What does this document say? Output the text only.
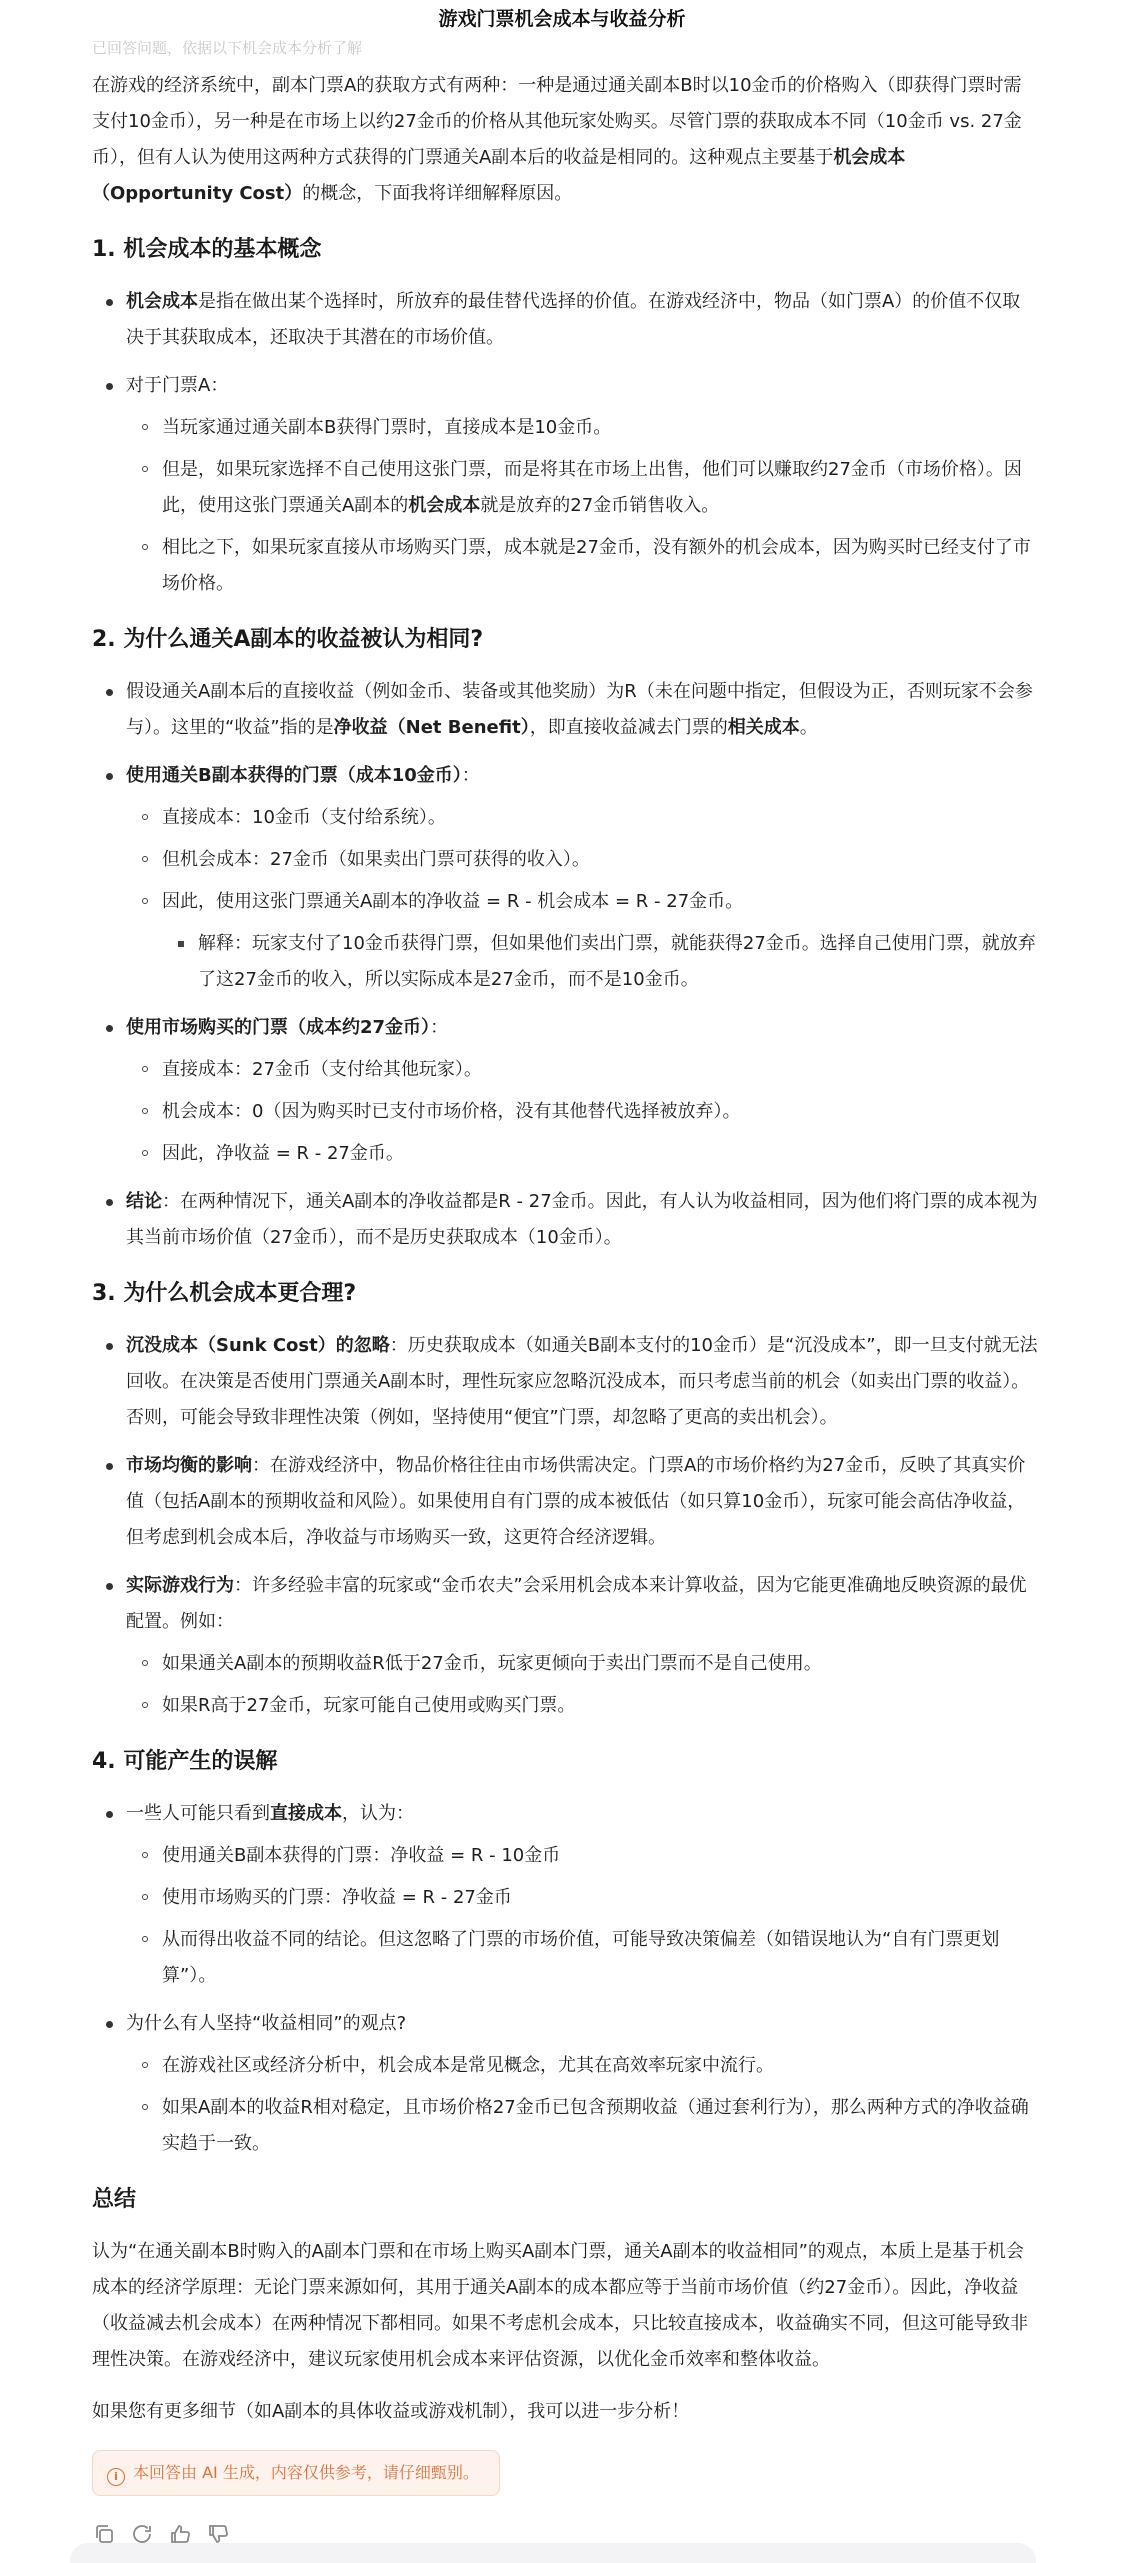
游戏门票机会成本与收益分析
已回答问题，依据以下机会成本分析了解

在游戏的经济系统中，副本门票A的获取方式有两种：一种是通过通关副本B时以10金币的价格购入（即获得门票时需支付10金币），另一种是在市场上以约27金币的价格从其他玩家处购买。尽管门票的获取成本不同（10金币 vs. 27金币），但有人认为使用这两种方式获得的门票通关A副本后的收益是相同的。这种观点主要基于机会成本（Opportunity Cost）的概念，下面我将详细解释原因。

1. 机会成本的基本概念
机会成本是指在做出某个选择时，所放弃的最佳替代选择的价值。在游戏经济中，物品（如门票A）的价值不仅取决于其获取成本，还取决于其潜在的市场价值。
对于门票A：
当玩家通过通关副本B获得门票时，直接成本是10金币。
但是，如果玩家选择不自己使用这张门票，而是将其在市场上出售，他们可以赚取约27金币（市场价格）。因此，使用这张门票通关A副本的机会成本就是放弃的27金币销售收入。
相比之下，如果玩家直接从市场购买门票，成本就是27金币，没有额外的机会成本，因为购买时已经支付了市场价格。
2. 为什么通关A副本的收益被认为相同?
假设通关A副本后的直接收益（例如金币、装备或其他奖励）为R（未在问题中指定，但假设为正，否则玩家不会参与）。这里的“收益”指的是净收益（Net Benefit），即直接收益减去门票的相关成本。
使用通关B副本获得的门票（成本10金币）：
直接成本：10金币（支付给系统）。
但机会成本：27金币（如果卖出门票可获得的收入）。
因此，使用这张门票通关A副本的净收益 = R - 机会成本 = R - 27金币。
解释：玩家支付了10金币获得门票，但如果他们卖出门票，就能获得27金币。选择自己使用门票，就放弃了这27金币的收入，所以实际成本是27金币，而不是10金币。
使用市场购买的门票（成本约27金币）：
直接成本：27金币（支付给其他玩家）。
机会成本：0（因为购买时已支付市场价格，没有其他替代选择被放弃）。
因此，净收益 = R - 27金币。
结论：在两种情况下，通关A副本的净收益都是R - 27金币。因此，有人认为收益相同，因为他们将门票的成本视为其当前市场价值（27金币），而不是历史获取成本（10金币）。
3. 为什么机会成本更合理?
沉没成本（Sunk Cost）的忽略：历史获取成本（如通关B副本支付的10金币）是“沉没成本”，即一旦支付就无法回收。在决策是否使用门票通关A副本时，理性玩家应忽略沉没成本，而只考虑当前的机会（如卖出门票的收益）。否则，可能会导致非理性决策（例如，坚持使用“便宜”门票，却忽略了更高的卖出机会）。
市场均衡的影响：在游戏经济中，物品价格往往由市场供需决定。门票A的市场价格约为27金币，反映了其真实价值（包括A副本的预期收益和风险）。如果使用自有门票的成本被低估（如只算10金币），玩家可能会高估净收益，但考虑到机会成本后，净收益与市场购买一致，这更符合经济逻辑。
实际游戏行为：许多经验丰富的玩家或“金币农夫”会采用机会成本来计算收益，因为它能更准确地反映资源的最优配置。例如：
如果通关A副本的预期收益R低于27金币，玩家更倾向于卖出门票而不是自己使用。
如果R高于27金币，玩家可能自己使用或购买门票。
4. 可能产生的误解
一些人可能只看到直接成本，认为：
使用通关B副本获得的门票：净收益 = R - 10金币
使用市场购买的门票：净收益 = R - 27金币
从而得出收益不同的结论。但这忽略了门票的市场价值，可能导致决策偏差（如错误地认为“自有门票更划算”）。
为什么有人坚持“收益相同”的观点?
在游戏社区或经济分析中，机会成本是常见概念，尤其在高效率玩家中流行。
如果A副本的收益R相对稳定，且市场价格27金币已包含预期收益（通过套利行为），那么两种方式的净收益确实趋于一致。
总结

认为“在通关副本B时购入的A副本门票和在市场上购买A副本门票，通关A副本的收益相同”的观点，本质上是基于机会成本的经济学原理：无论门票来源如何，其用于通关A副本的成本都应等于当前市场价值（约27金币）。因此，净收益（收益减去机会成本）在两种情况下都相同。如果不考虑机会成本，只比较直接成本，收益确实不同，但这可能导致非理性决策。在游戏经济中，建议玩家使用机会成本来评估资源，以优化金币效率和整体收益。

如果您有更多细节（如A副本的具体收益或游戏机制），我可以进一步分析！

i 本回答由 AI 生成，内容仅供参考，请仔细甄别。
